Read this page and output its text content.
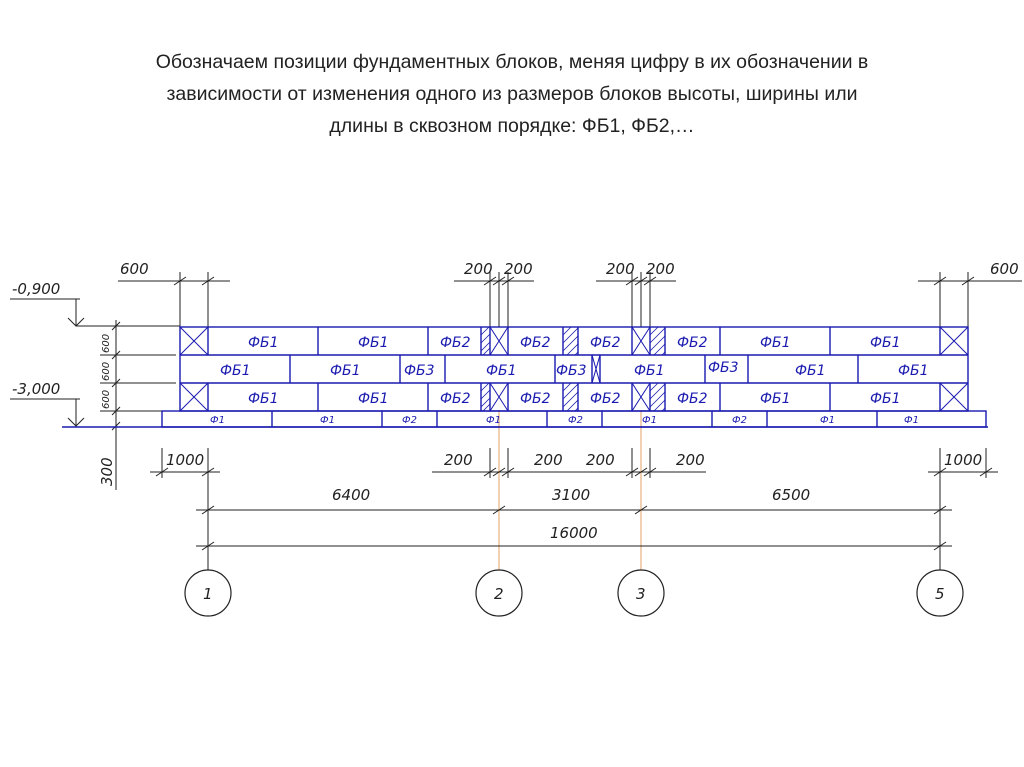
Обозначаем позиции фундаментных блоков, меняя цифру в их обозначении в
зависимости от изменения одного из размеров блоков высоты, ширины или
длины в сквозном порядке: ФБ1, ФБ2,…
600	200 200	200 200	600
-0,900
-3,000
600
600
600
300
ФБ1	ФБ1	ФБ2	ФБ2	ФБ2	ФБ2	ФБ1	ФБ1
ФБ1	ФБ1	ФБ3	ФБ1	ФБ3	ФБ1	ФБ3	ФБ1	ФБ1
ФБ1	ФБ1	ФБ2	ФБ2	ФБ2	ФБ2	ФБ1	ФБ1
Ф1	Ф1	Ф2	Ф1	Ф2	Ф1	Ф2	Ф1	Ф1
1000	200	200 200	200	1000
6400	3100	6500
16000
1	2	3	5
